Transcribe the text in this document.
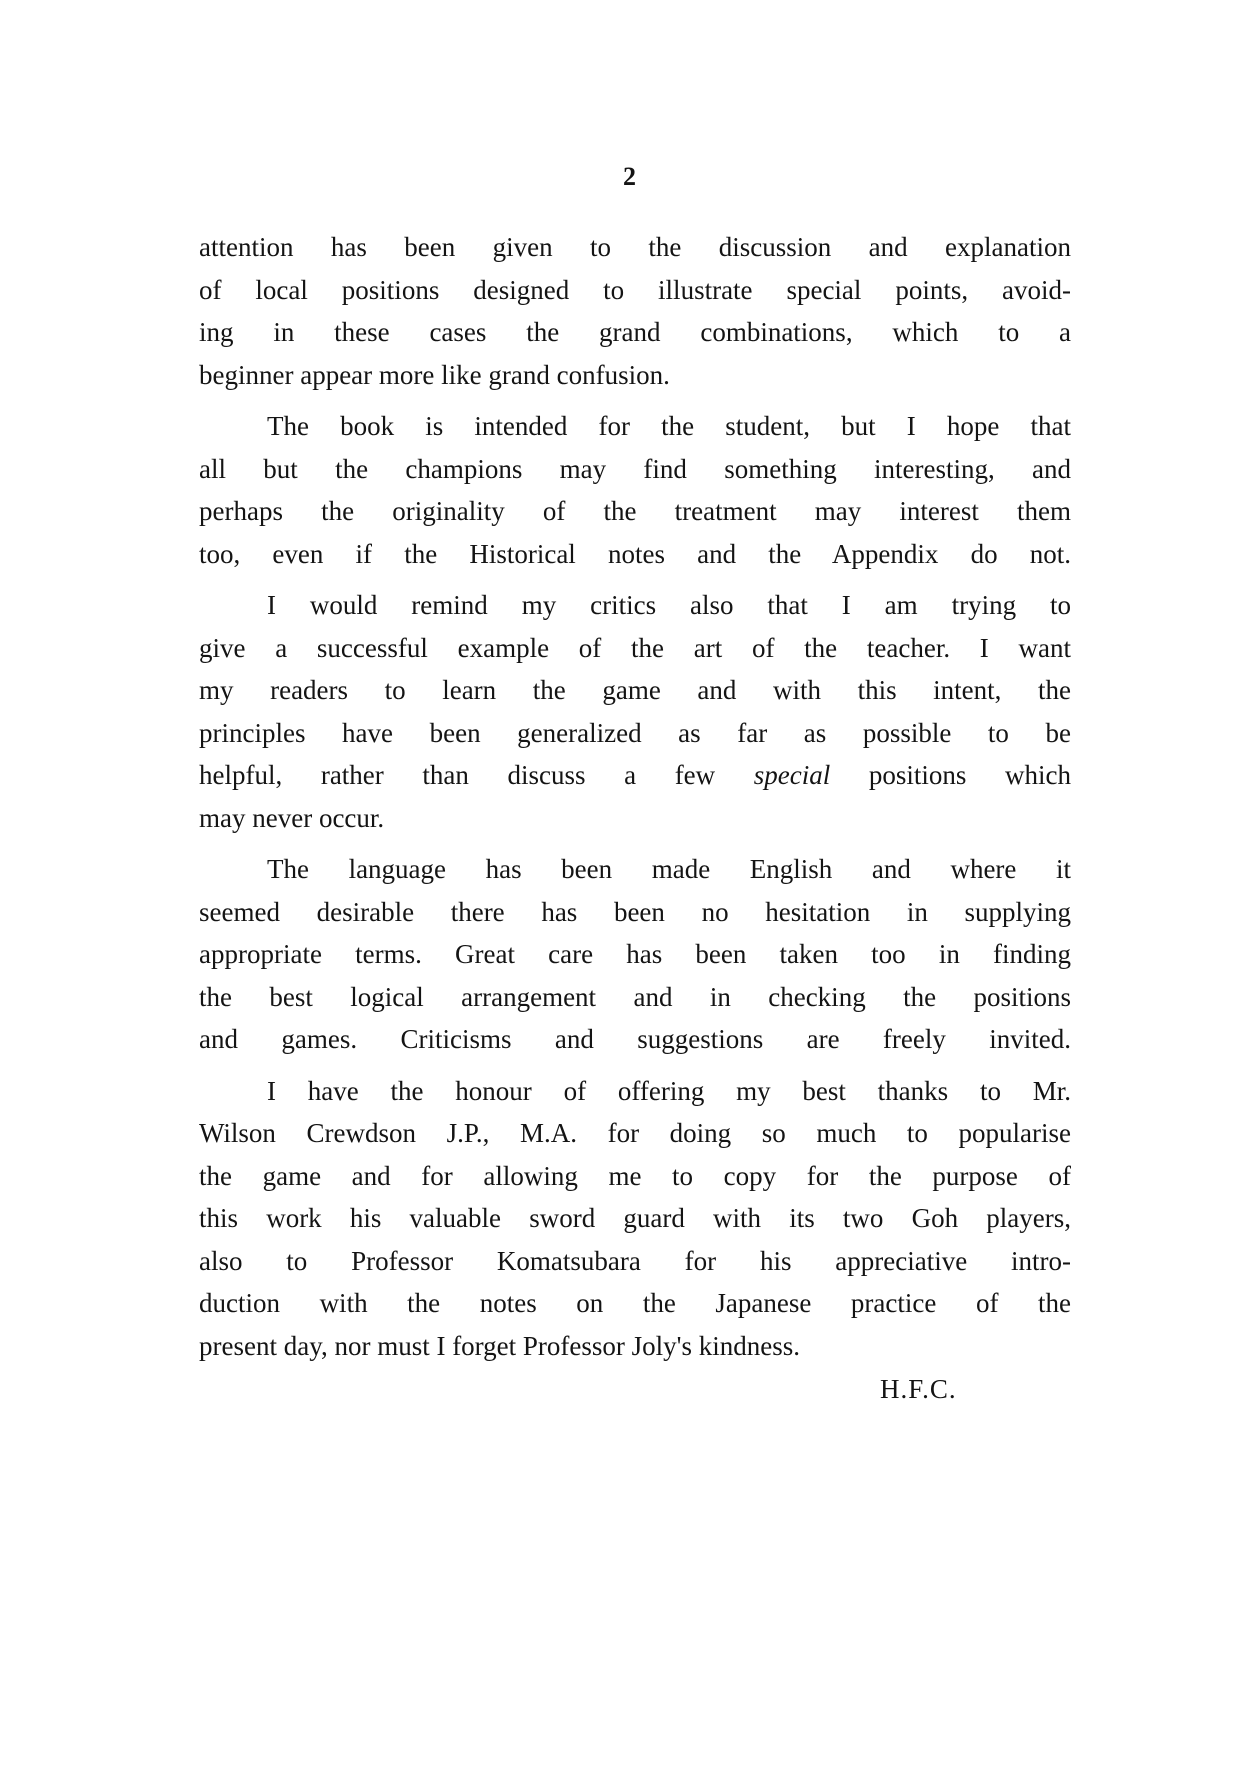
2
attention has been given to the discussion and explanation
of local positions designed to illustrate special points, avoid-
ing in these cases the grand combinations, which to a
beginner appear more like grand confusion.
The book is intended for the student, but I hope that
all but the champions may find something interesting, and
perhaps the originality of the treatment may interest them
too, even if the Historical notes and the Appendix do not.
I would remind my critics also that I am trying to
give a successful example of the art of the teacher. I want
my readers to learn the game and with this intent, the
principles have been generalized as far as possible to be
helpful, rather than discuss a few special positions which
may never occur.
The language has been made English and where it
seemed desirable there has been no hesitation in supplying
appropriate terms. Great care has been taken too in finding
the best logical arrangement and in checking the positions
and games. Criticisms and suggestions are freely invited.
I have the honour of offering my best thanks to Mr.
Wilson Crewdson J.P., M.A. for doing so much to popularise
the game and for allowing me to copy for the purpose of
this work his valuable sword guard with its two Goh players,
also to Professor Komatsubara for his appreciative intro-
duction with the notes on the Japanese practice of the
present day, nor must I forget Professor Joly's kindness.
H.F.C.
